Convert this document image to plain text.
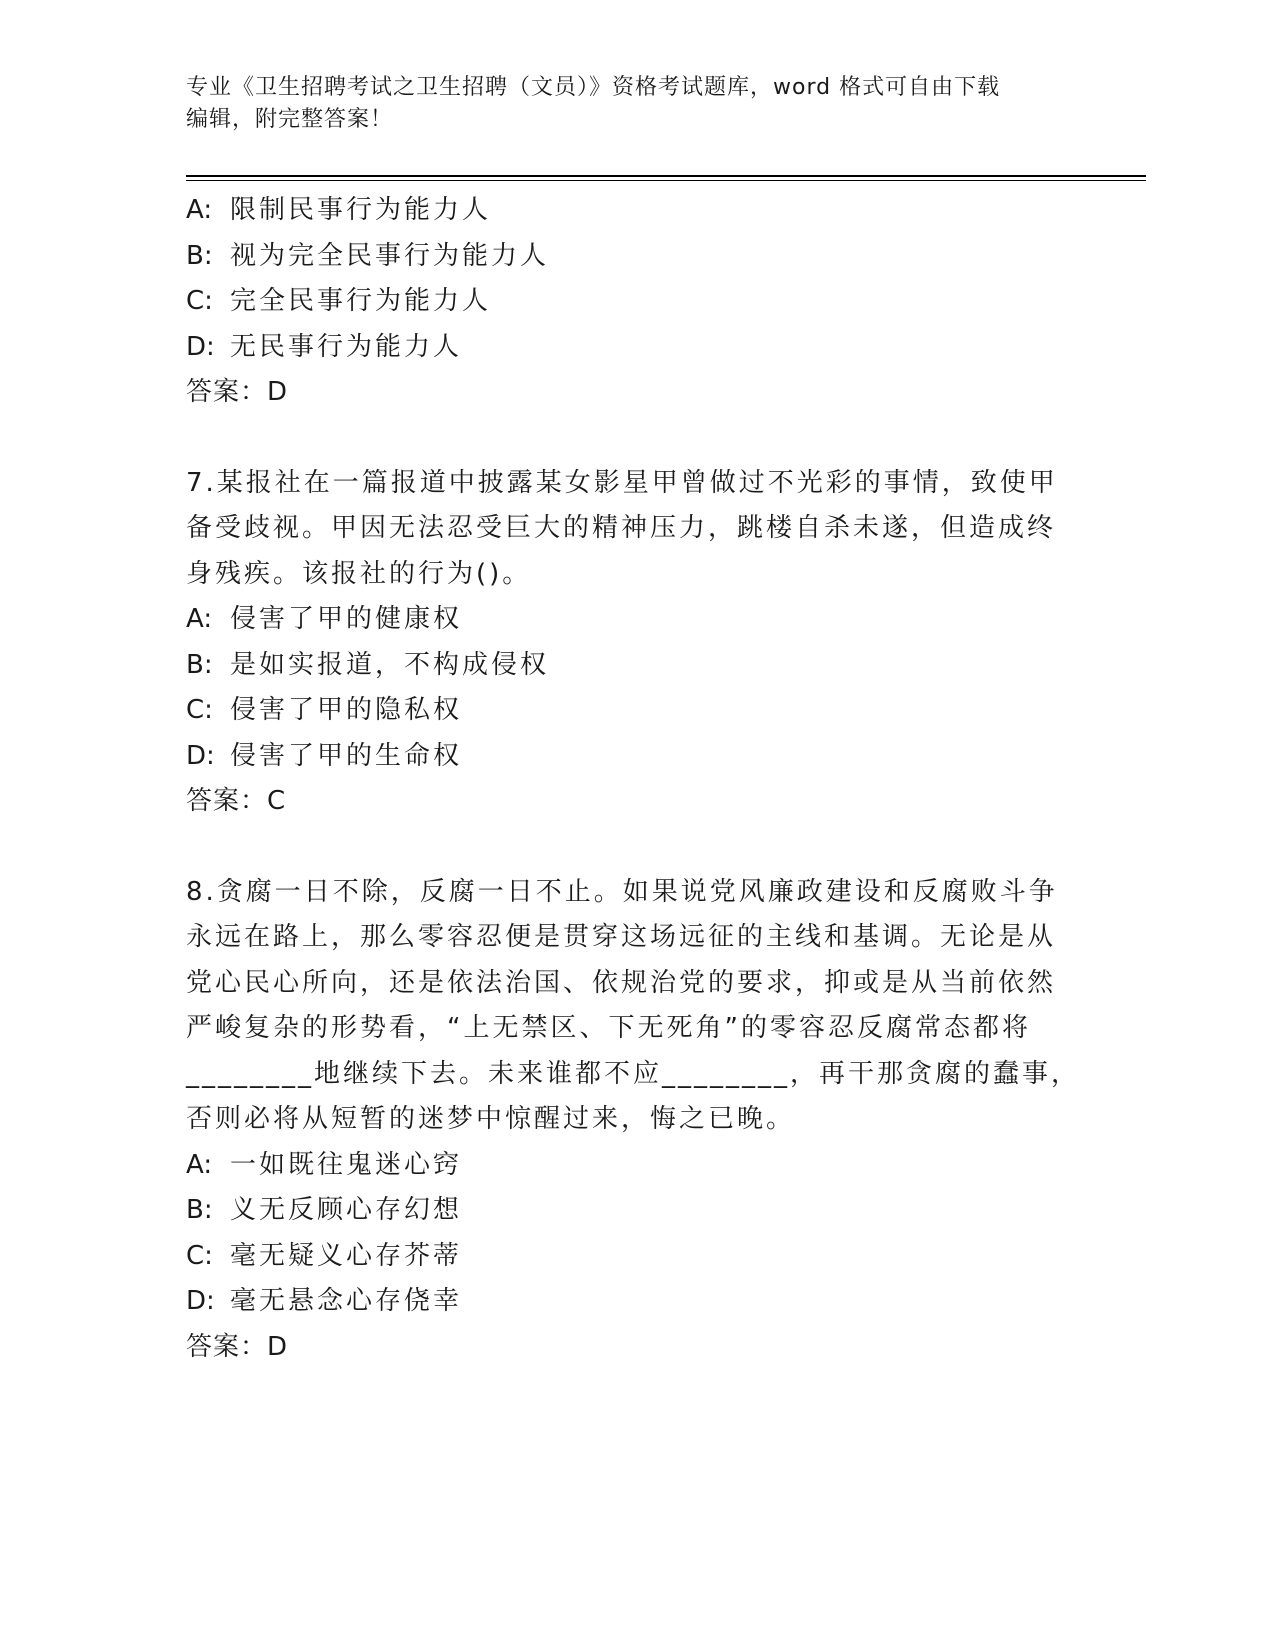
专业《卫生招聘考试之卫生招聘（文员）》资格考试题库，word 格式可自由下载
编辑，附完整答案！
A: 限制民事行为能力人
B: 视为完全民事行为能力人
C: 完全民事行为能力人
D: 无民事行为能力人
答案：D
7.某报社在一篇报道中披露某女影星甲曾做过不光彩的事情，致使甲
备受歧视。甲因无法忍受巨大的精神压力，跳楼自杀未遂，但造成终
身残疾。该报社的行为()。
A: 侵害了甲的健康权
B: 是如实报道，不构成侵权
C: 侵害了甲的隐私权
D: 侵害了甲的生命权
答案：C
8.贪腐一日不除，反腐一日不止。如果说党风廉政建设和反腐败斗争
永远在路上，那么零容忍便是贯穿这场远征的主线和基调。无论是从
党心民心所向，还是依法治国、依规治党的要求，抑或是从当前依然
严峻复杂的形势看，“上无禁区、下无死角”的零容忍反腐常态都将
________地继续下去。未来谁都不应________，再干那贪腐的蠢事，
否则必将从短暂的迷梦中惊醒过来，悔之已晚。
A: 一如既往鬼迷心窍
B: 义无反顾心存幻想
C: 毫无疑义心存芥蒂
D: 毫无悬念心存侥幸
答案：D
